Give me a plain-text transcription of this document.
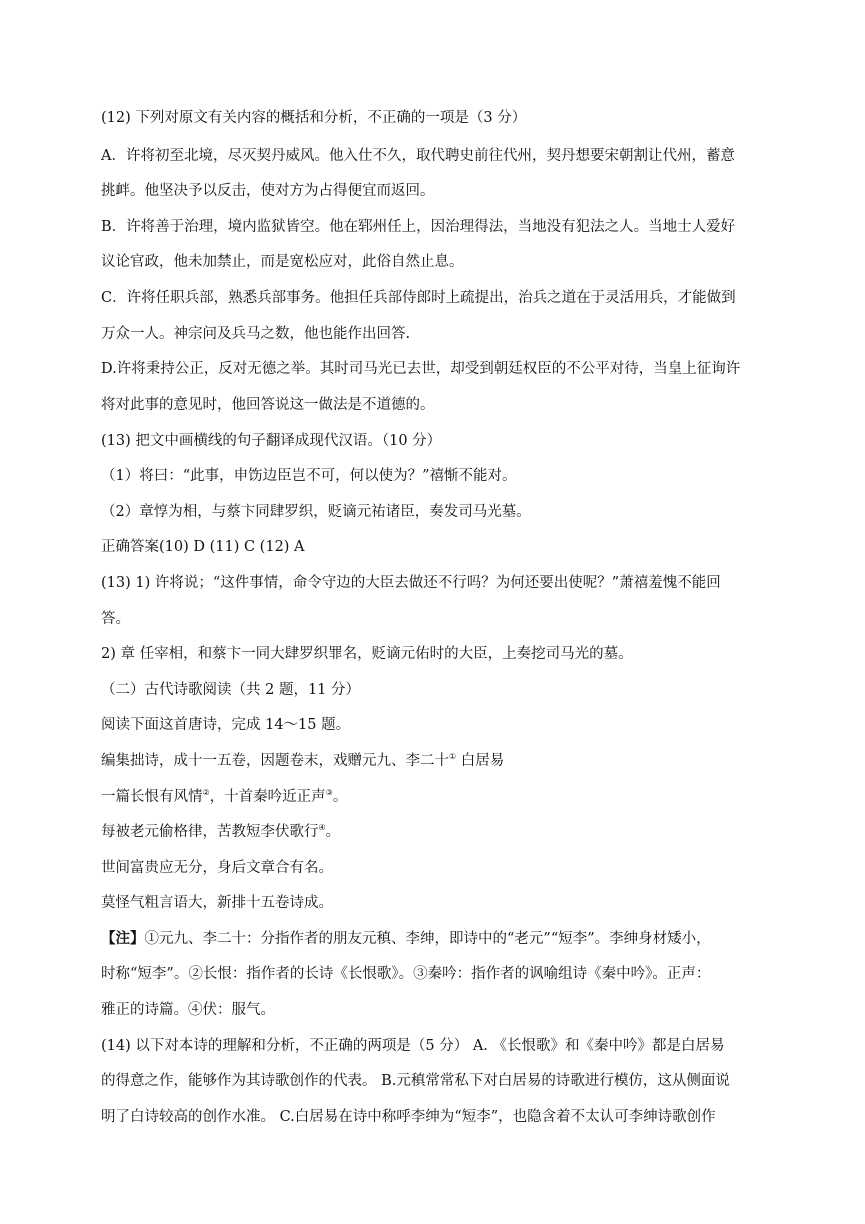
(12) 下列对原文有关内容的概括和分析，不正确的一项是（3 分）
A．许将初至北境，尽灭契丹威风。他入仕不久，取代聘史前往代州，契丹想要宋朝割让代州，蓄意
挑衅。他坚决予以反击，使对方为占得便宜而返回。
B．许将善于治理，境内监狱皆空。他在郓州任上，因治理得法，当地没有犯法之人。当地士人爱好
议论官政，他未加禁止，而是宽松应对，此俗自然止息。
C．许将任职兵部，熟悉兵部事务。他担任兵部侍郎时上疏提出，治兵之道在于灵活用兵，才能做到
万众一人。神宗问及兵马之数，他也能作出回答.
D.许将秉持公正，反对无德之举。其时司马光已去世，却受到朝廷权臣的不公平对待，当皇上征询许
将对此事的意见时，他回答说这一做法是不道德的。
(13) 把文中画横线的句子翻译成现代汉语。（10 分）
（1）将曰：“此事，申饬边臣岂不可，何以使为？”禧惭不能对。
（2）章惇为相，与蔡卞同肆罗织，贬谪元祐诸臣，奏发司马光墓。
正确答案(10) D (11) C (12) A
(13) 1) 许将说；“这件事情，命令守边的大臣去做还不行吗？为何还要出使呢？”萧禧羞愧不能回
答。
2) 章 任宰相，和蔡卞一同大肆罗织罪名，贬谪元佑时的大臣，上奏挖司马光的墓。
（二）古代诗歌阅读（共 2 题，11 分）
阅读下面这首唐诗，完成 14～15 题。
编集拙诗，成十一五卷，因题卷末，戏赠元九、李二十① 白居易
一篇长恨有风情②，十首秦吟近正声③。
每被老元偷格律，苦教短李伏歌行④。
世间富贵应无分，身后文章合有名。
莫怪气粗言语大，新排十五卷诗成。
【注】①元九、李二十：分指作者的朋友元稹、李绅，即诗中的“老元”“短李”。李绅身材矮小，
时称“短李”。②长恨：指作者的长诗《长恨歌》。③秦吟：指作者的讽喻组诗《秦中吟》。正声：
雅正的诗篇。④伏：服气。
(14) 以下对本诗的理解和分析，不正确的两项是（5 分） A. 《长恨歌》和《秦中吟》都是白居易
的得意之作，能够作为其诗歌创作的代表。 B.元稹常常私下对白居易的诗歌进行模仿，这从侧面说
明了白诗较高的创作水准。 C.白居易在诗中称呼李绅为“短李”，也隐含着不太认可李绅诗歌创作
